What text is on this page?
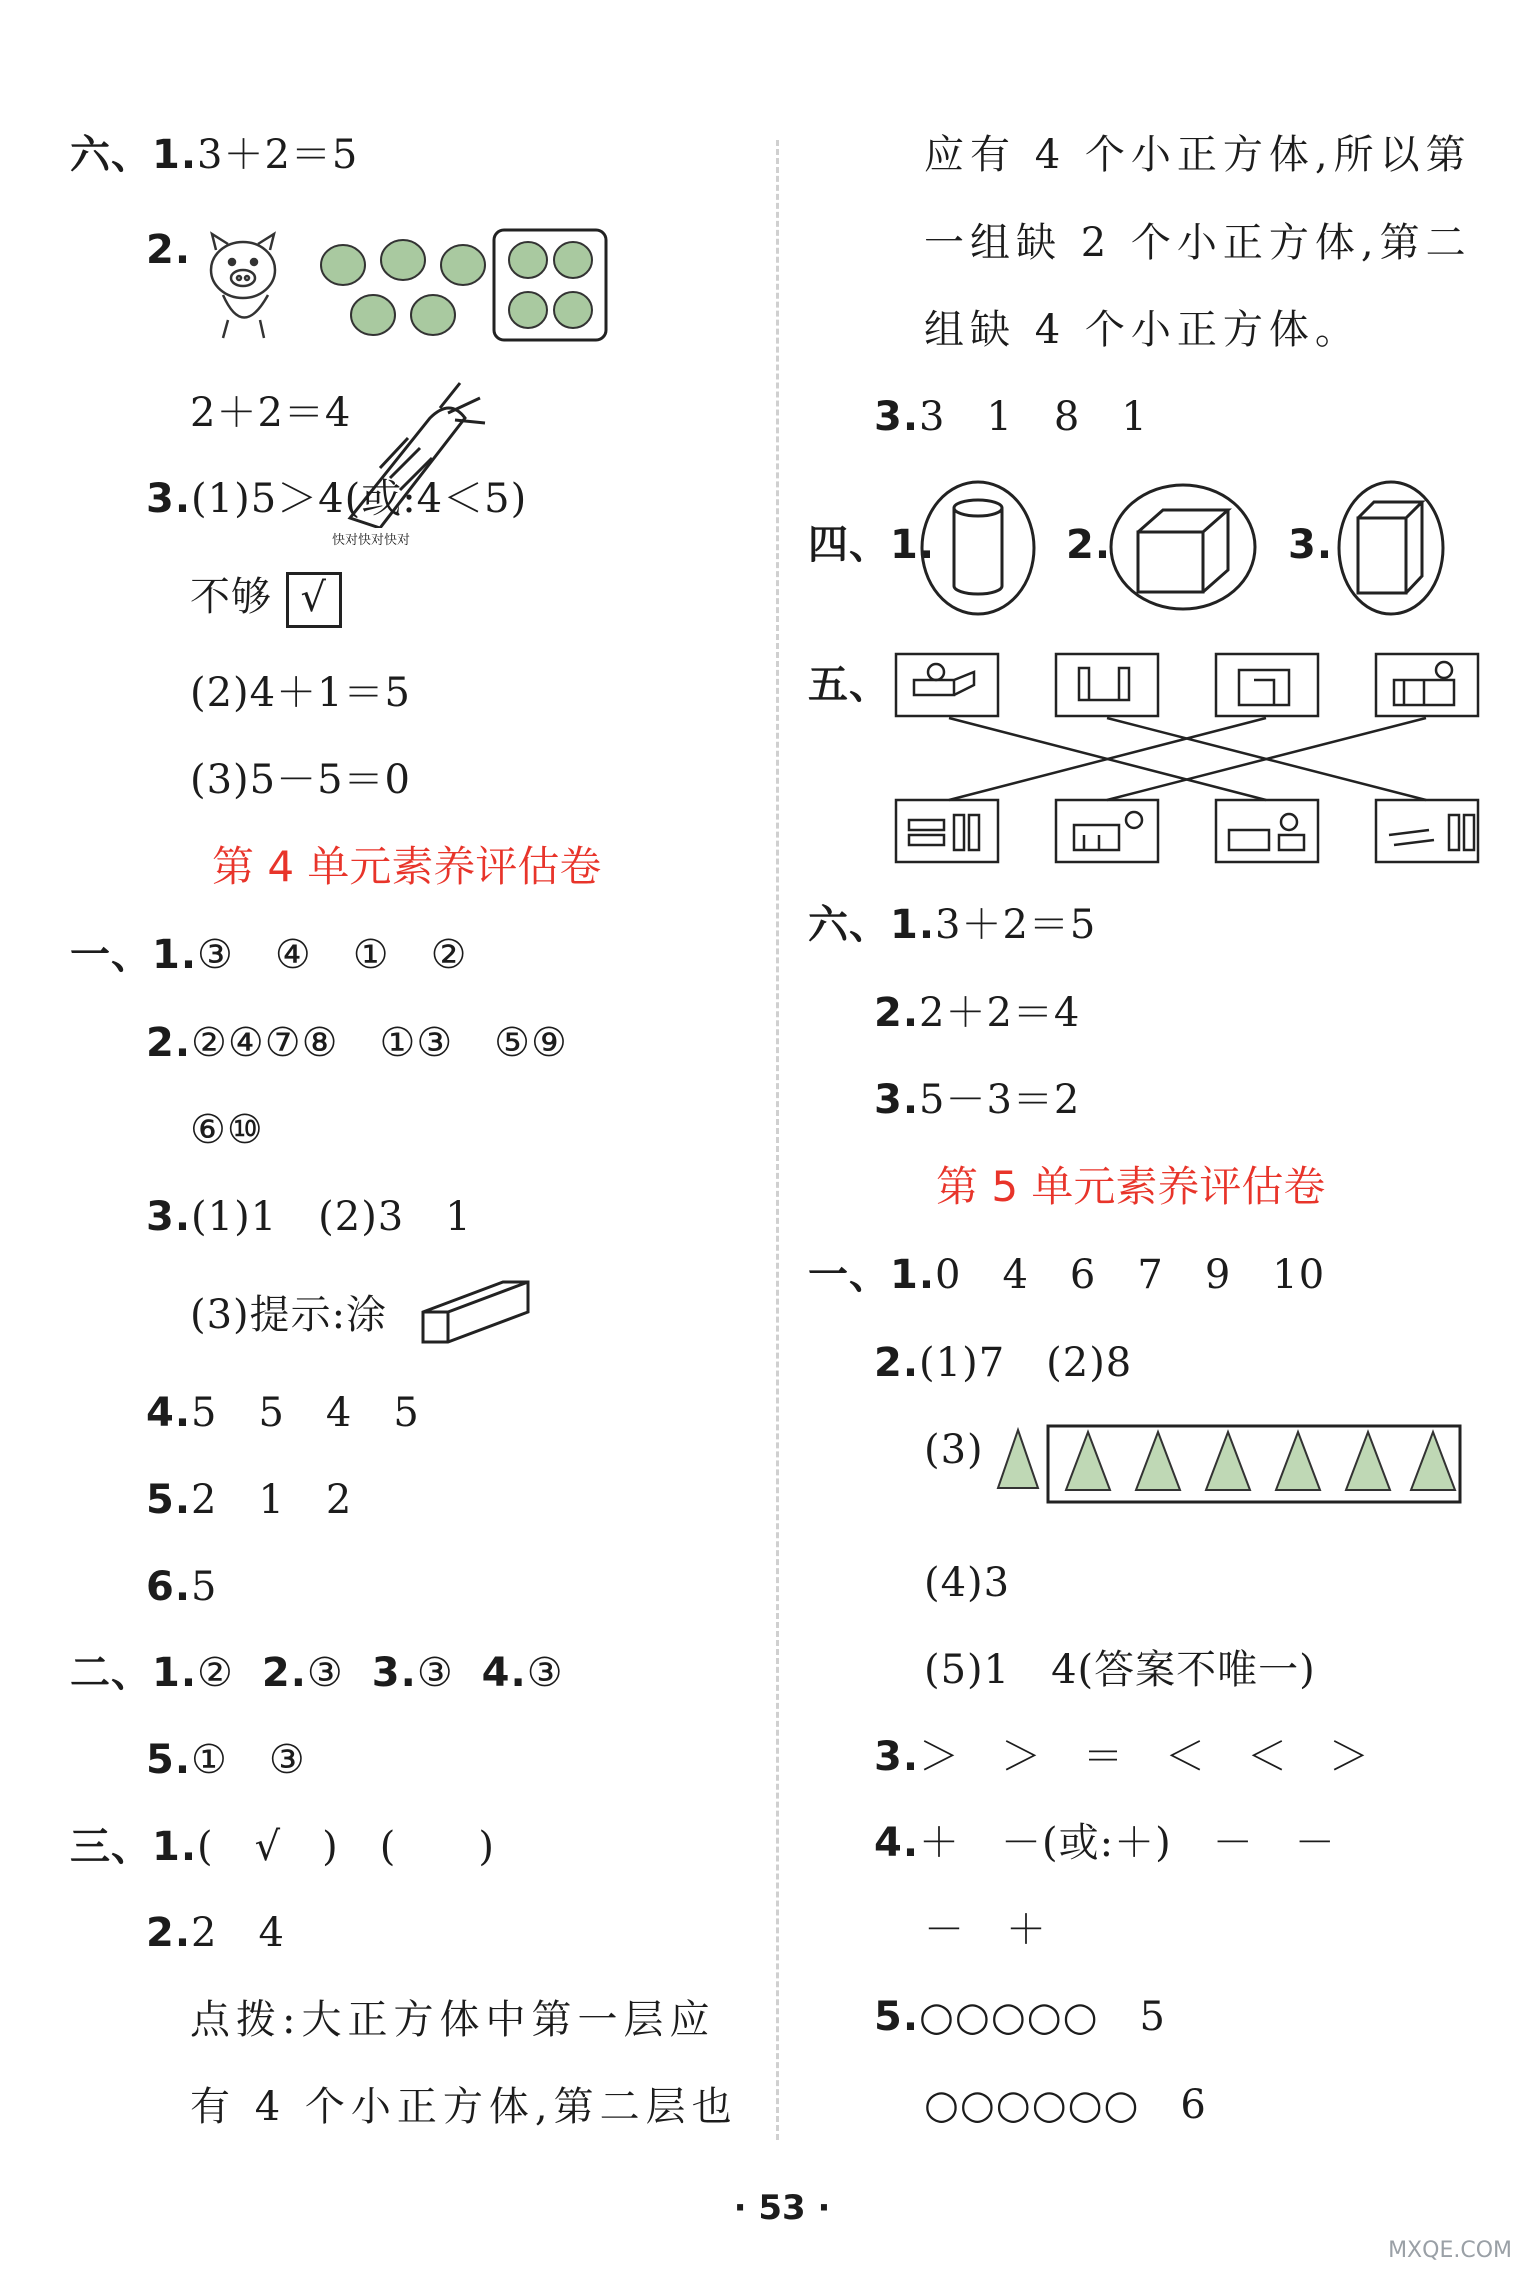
六、1.3＋2＝5
2.
2＋2＝4
3.(1)5＞4(或:4＜5)
快对快对快对
不够 √
(2)4＋1＝5
(3)5－5＝0
第 4 单元素养评估卷
一、1.③　④　①　②
2.②④⑦⑧　①③　⑤⑨
⑥⑩
3.(1)1　(2)3　1
(3)提示:涂
4.5　5　4　5
5.2　1　2
6.5
二、1.② 2.③ 3.③ 4.③
5.①　③
三、1.(　√　)　(　　)
2.2　4
点拨:大正方体中第一层应
有 4 个小正方体,第二层也
应有 4 个小正方体,所以第
一组缺 2 个小正方体,第二
组缺 4 个小正方体。
3.3　1　8　1
四、1.	2.	3.
五、
六、1.3＋2＝5
2.2＋2＝4
3.5－3＝2
第 5 单元素养评估卷
一、1.0　4　6　7　9　10
2.(1)7　(2)8
(3)
(4)3
(5)1　4(答案不唯一)
3.＞　＞　＝　＜　＜　＞
4.＋　－(或:＋)　－　－
－　＋
5.○○○○○　5
○○○○○○　6
· 53 ·
MXQE.COM
